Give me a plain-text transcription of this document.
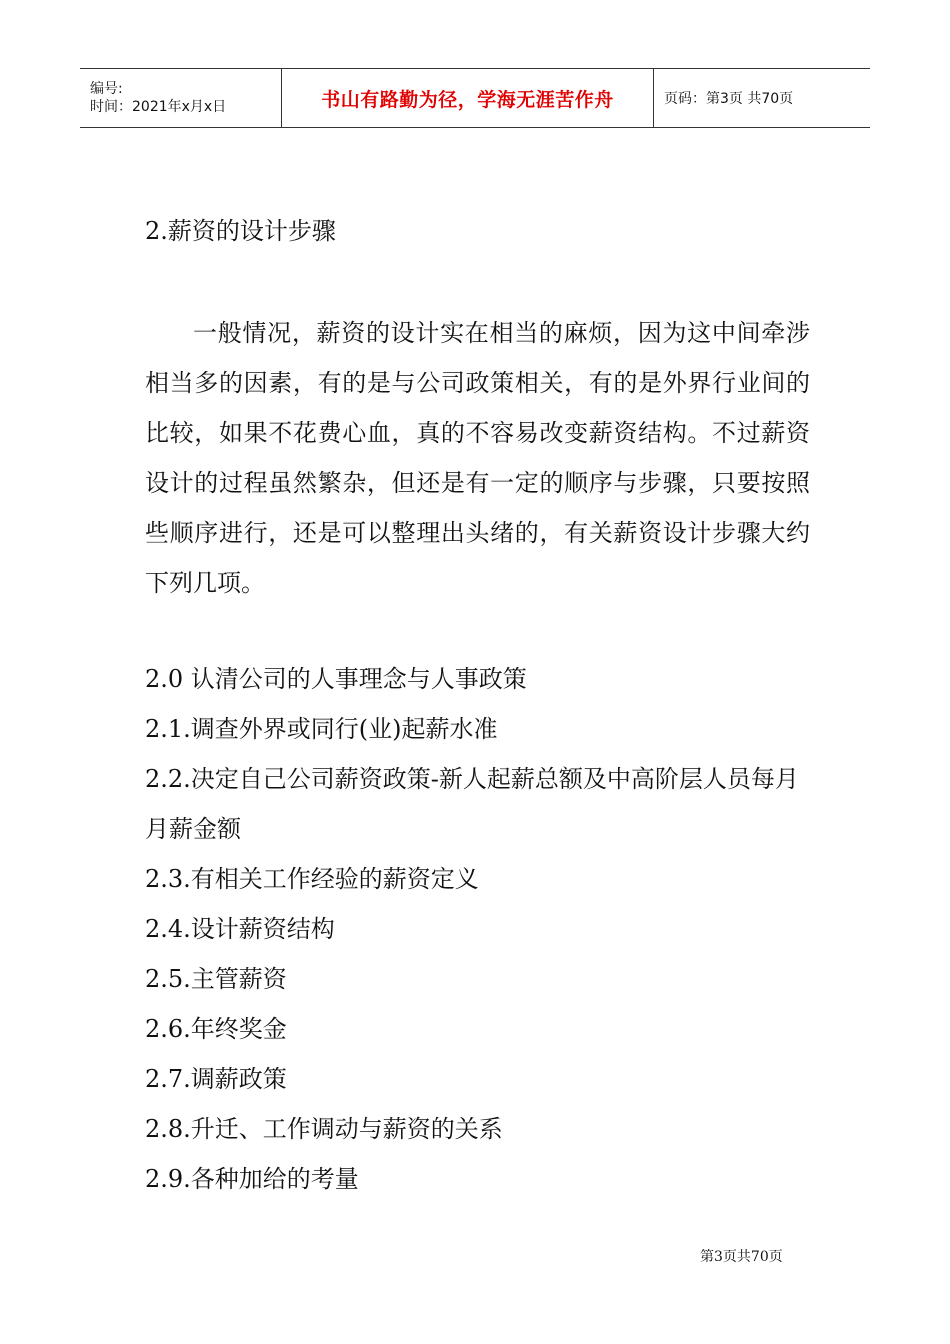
编号:
时间：2021年x月x日	书山有路勤为径，学海无涯苦作舟	页码：第3页 共70页
2.薪资的设计步骤

一般情况，薪资的设计实在相当的麻烦，因为这中间牵涉相当多的因素，有的是与公司政策相关，有的是外界行业间的比较，如果不花费心血，真的不容易改变薪资结构。不过薪资设计的过程虽然繁杂，但还是有一定的顺序与步骤，只要按照些顺序进行，还是可以整理出头绪的，有关薪资设计步骤大约下列几项。

2.0 认清公司的人事理念与人事政策
2.1.调查外界或同行(业)起薪水准
2.2.决定自己公司薪资政策-新人起薪总额及中高阶层人员每月月薪金额
2.3.有相关工作经验的薪资定义
2.4.设计薪资结构
2.5.主管薪资
2.6.年终奖金
2.7.调薪政策
2.8.升迁、工作调动与薪资的关系
2.9.各种加给的考量
第3页共70页
